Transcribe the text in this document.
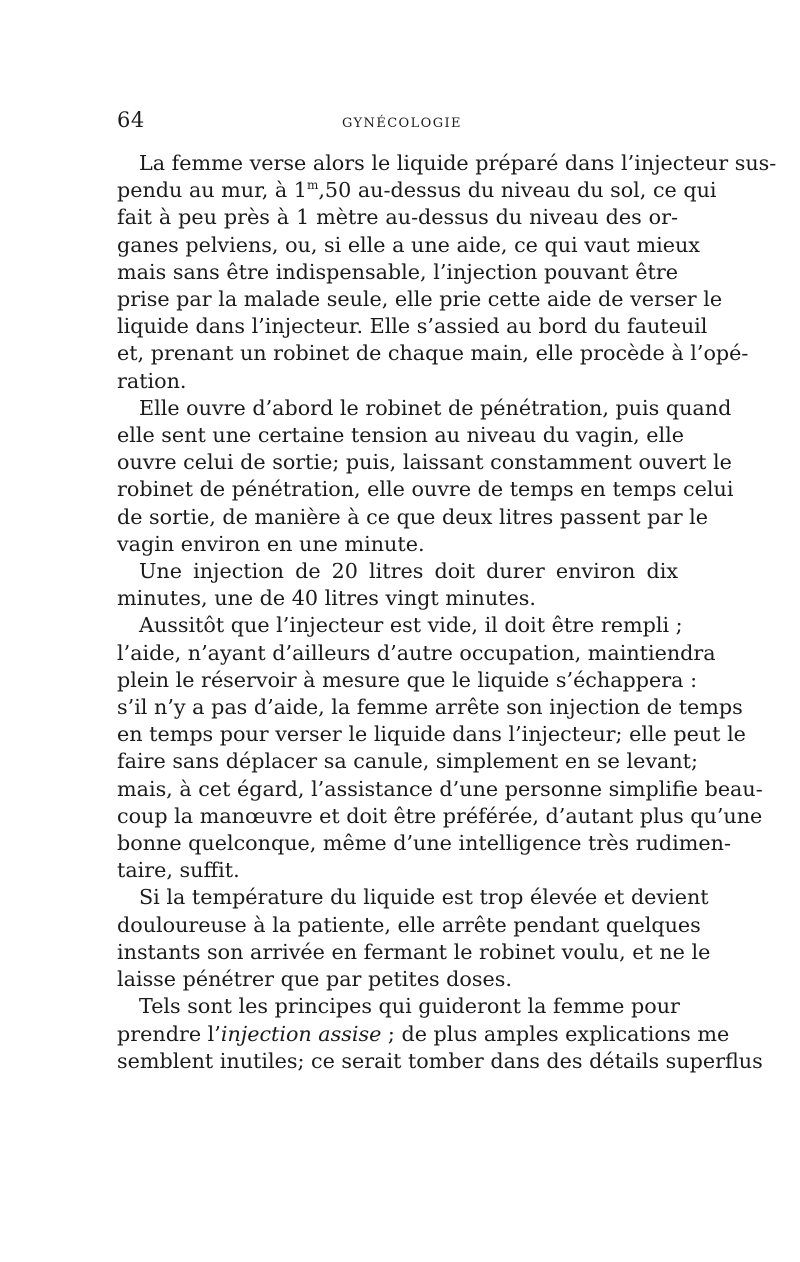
64	GYNÉCOLOGIE
La femme verse alors le liquide préparé dans l’injecteur sus-
pendu au mur, à 1$^m$,50 au-dessus du niveau du sol, ce qui
fait à peu près à 1 mètre au-dessus du niveau des or-
ganes pelviens, ou, si elle a une aide, ce qui vaut mieux
mais sans être indispensable, l’injection pouvant être
prise par la malade seule, elle prie cette aide de verser le
liquide dans l’injecteur. Elle s’assied au bord du fauteuil
et, prenant un robinet de chaque main, elle procède à l’opé-
ration.
Elle ouvre d’abord le robinet de pénétration, puis quand
elle sent une certaine tension au niveau du vagin, elle
ouvre celui de sortie; puis, laissant constamment ouvert le
robinet de pénétration, elle ouvre de temps en temps celui
de sortie, de manière à ce que deux litres passent par le
vagin environ en une minute.
Une injection de 20 litres doit durer environ dix
minutes, une de 40 litres vingt minutes.
Aussitôt que l’injecteur est vide, il doit être rempli ;
l’aide, n’ayant d’ailleurs d’autre occupation, maintiendra
plein le réservoir à mesure que le liquide s’échappera :
s’il n’y a pas d’aide, la femme arrête son injection de temps
en temps pour verser le liquide dans l’injecteur; elle peut le
faire sans déplacer sa canule, simplement en se levant;
mais, à cet égard, l’assistance d’une personne simplifie beau-
coup la manœuvre et doit être préférée, d’autant plus qu’une
bonne quelconque, même d’une intelligence très rudimen-
taire, suffit.
Si la température du liquide est trop élevée et devient
douloureuse à la patiente, elle arrête pendant quelques
instants son arrivée en fermant le robinet voulu, et ne le
laisse pénétrer que par petites doses.
Tels sont les principes qui guideront la femme pour
prendre l’injection assise ; de plus amples explications me
semblent inutiles; ce serait tomber dans des détails superflus
